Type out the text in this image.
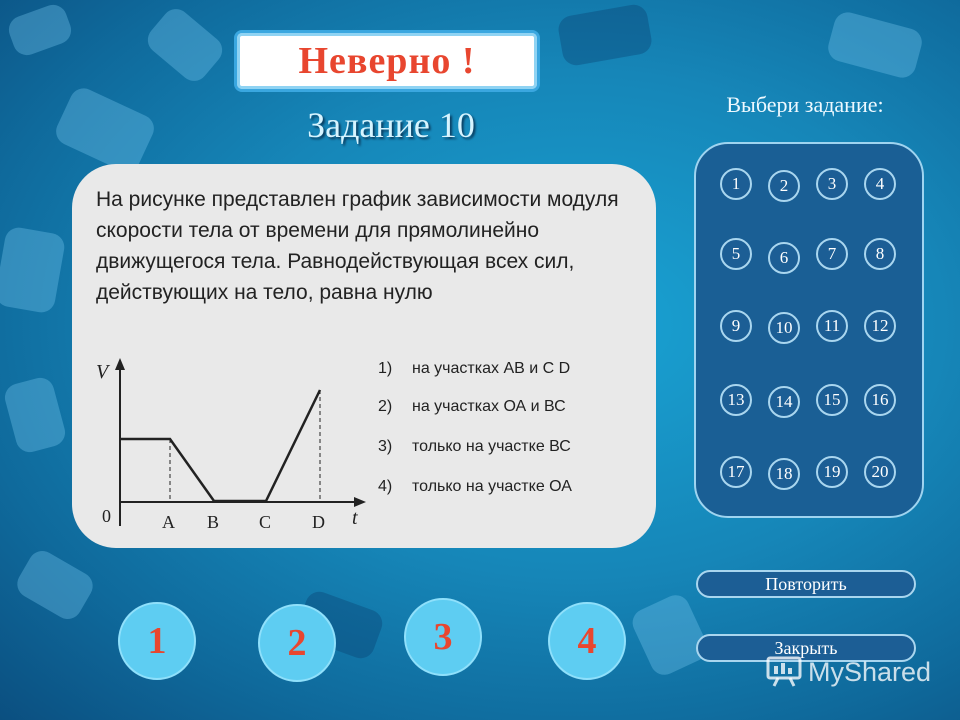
Неверно !
Задание 10
Выбери задание:
На рисунке представлен график зависимости модуля скорости тела от времени для прямолинейно движущегося тела. Равнодействующая всех сил, действующих на тело, равна нулю
V
t
0	A B C D
1) на участках АВ и С D
2) на участках ОА и ВС
3) только на участке ВС
4) только на участке ОА
1	2	3	4
5	6	7	8
9	10	11	12
13	14	15	16
17	18	19	20
1	2	3	4
Повторить
Закрыть
MyShared
